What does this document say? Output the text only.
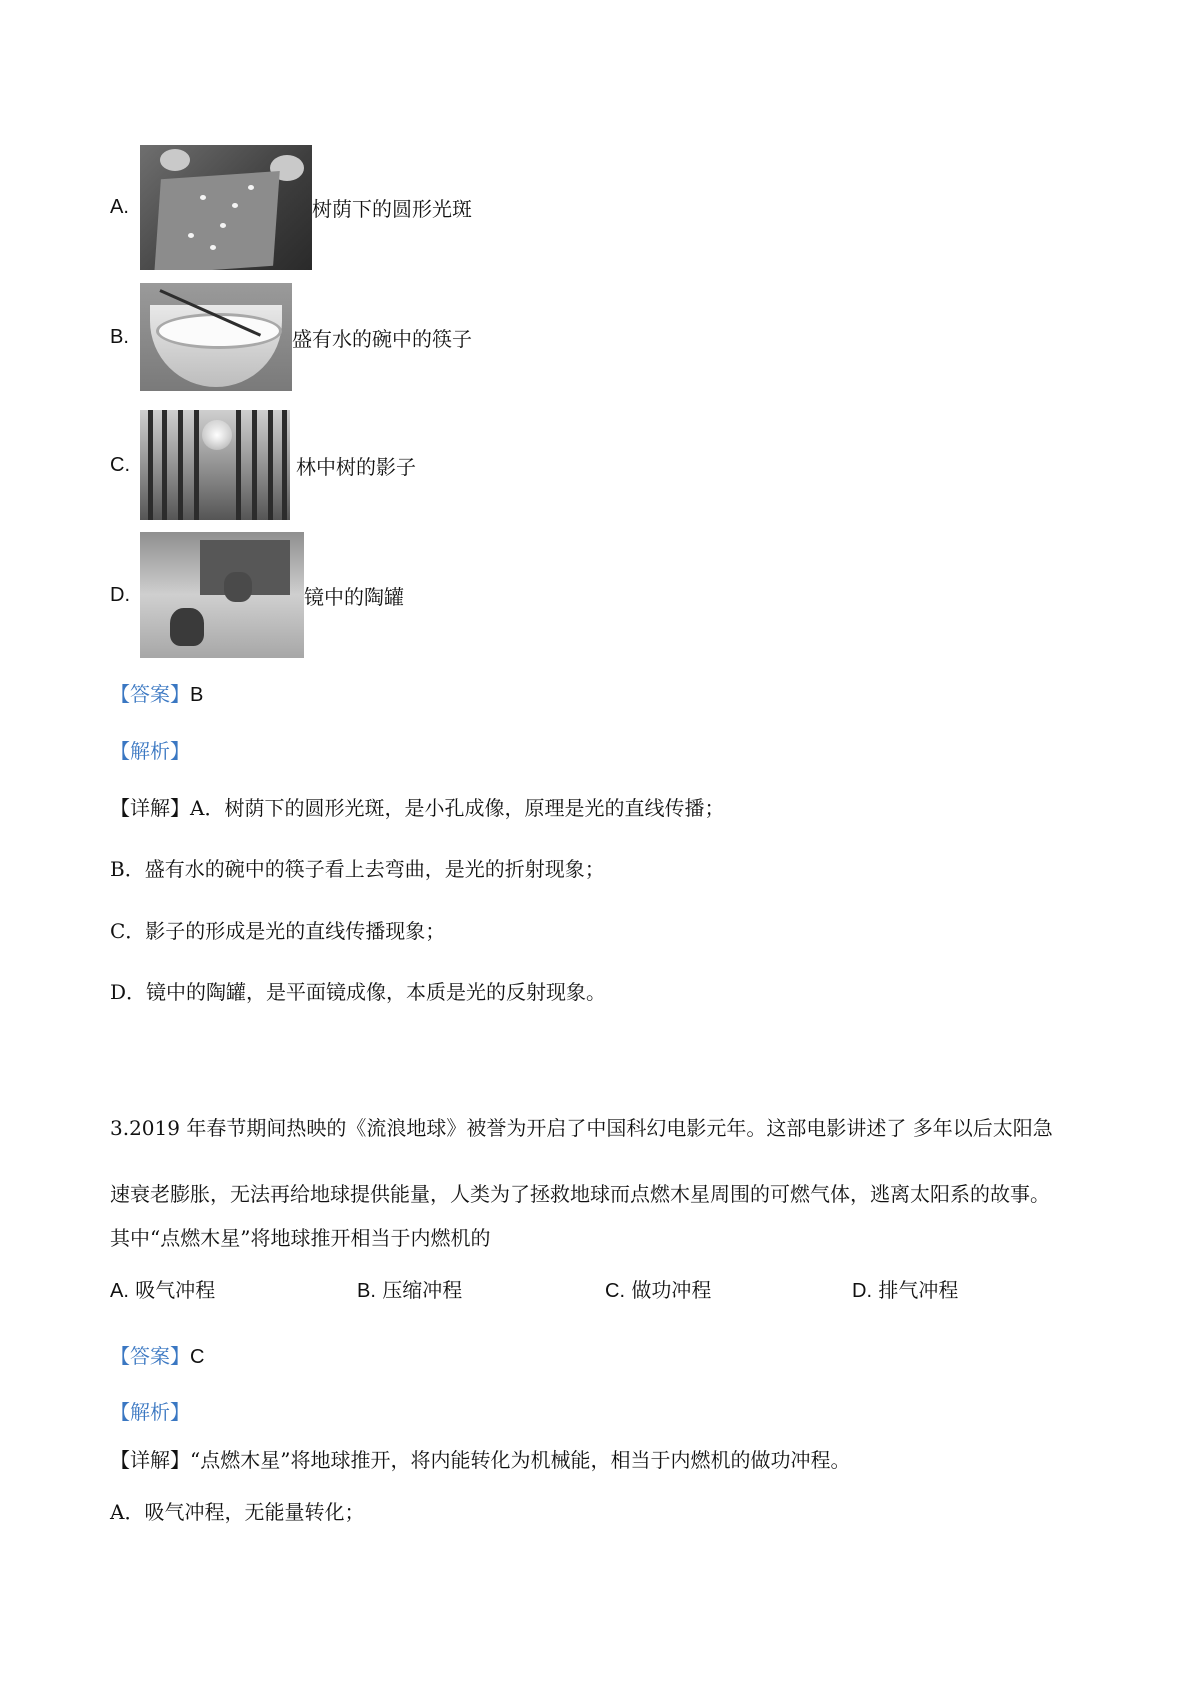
A.	树荫下的圆形光斑
B.	盛有水的碗中的筷子
C.	林中树的影子
D.	镜中的陶罐
【答案】B
【解析】
【详解】A．树荫下的圆形光斑，是小孔成像，原理是光的直线传播；
B．盛有水的碗中的筷子看上去弯曲，是光的折射现象；
C．影子的形成是光的直线传播现象；
D．镜中的陶罐，是平面镜成像，本质是光的反射现象。
3.2019 年春节期间热映的《流浪地球》被誉为开启了中国科幻电影元年。这部电影讲述了 多年以后太阳急
速衰老膨胀，无法再给地球提供能量，人类为了拯救地球而点燃木星周围的可燃气体，逃离太阳系的故事。
其中“点燃木星”将地球推开相当于内燃机的
A. 吸气冲程	B. 压缩冲程	C. 做功冲程	D. 排气冲程
【答案】C
【解析】
【详解】“点燃木星”将地球推开，将内能转化为机械能，相当于内燃机的做功冲程。
A．吸气冲程，无能量转化；
